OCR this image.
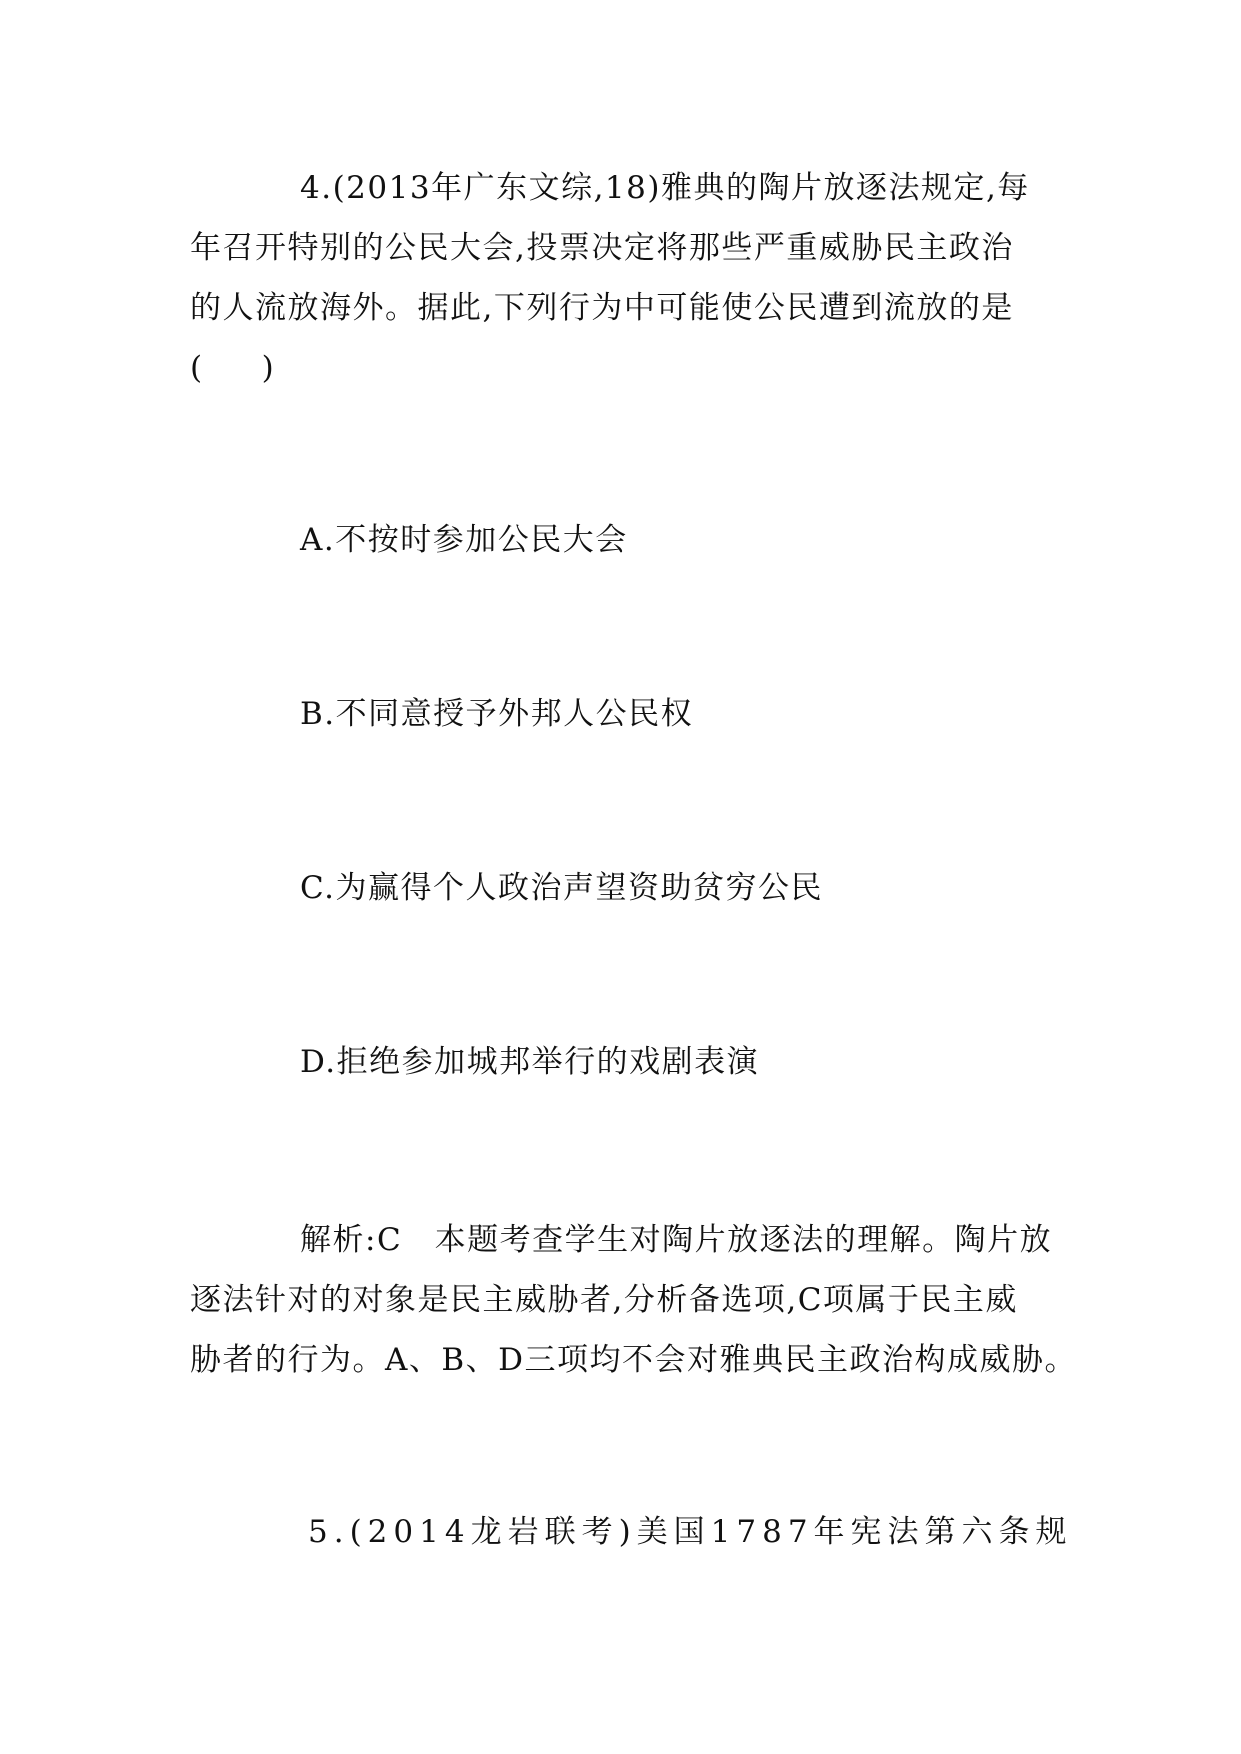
4.(2013年广东文综,18)雅典的陶片放逐法规定,每
年召开特别的公民大会,投票决定将那些严重威胁民主政治
的人流放海外。据此,下列行为中可能使公民遭到流放的是
( )
A.不按时参加公民大会
B.不同意授予外邦人公民权
C.为赢得个人政治声望资助贫穷公民
D.拒绝参加城邦举行的戏剧表演
解析:C　本题考查学生对陶片放逐法的理解。陶片放
逐法针对的对象是民主威胁者,分析备选项,C项属于民主威
胁者的行为。A、B、D三项均不会对雅典民主政治构成威胁。
5.(2014龙岩联考)美国1787年宪法第六条规
